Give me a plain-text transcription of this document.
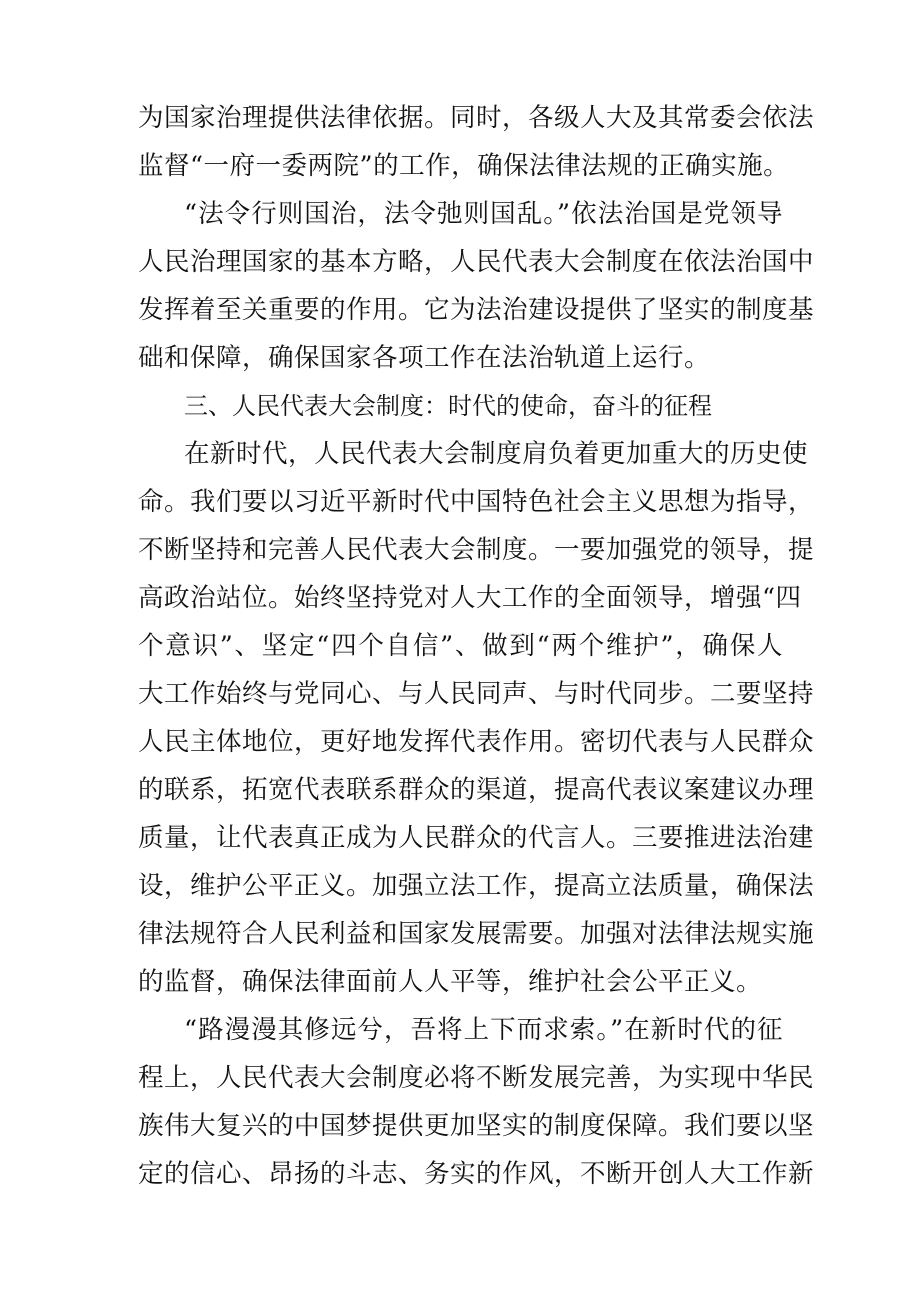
为国家治理提供法律依据。同时，各级人大及其常委会依法
监督“一府一委两院”的工作，确保法律法规的正确实施。
“法令行则国治，法令弛则国乱。”依法治国是党领导
人民治理国家的基本方略，人民代表大会制度在依法治国中
发挥着至关重要的作用。它为法治建设提供了坚实的制度基
础和保障，确保国家各项工作在法治轨道上运行。
三、人民代表大会制度：时代的使命，奋斗的征程
在新时代，人民代表大会制度肩负着更加重大的历史使
命。我们要以习近平新时代中国特色社会主义思想为指导，
不断坚持和完善人民代表大会制度。一要加强党的领导，提
高政治站位。始终坚持党对人大工作的全面领导，增强“四
个意识”、坚定“四个自信”、做到“两个维护”，确保人
大工作始终与党同心、与人民同声、与时代同步。二要坚持
人民主体地位，更好地发挥代表作用。密切代表与人民群众
的联系，拓宽代表联系群众的渠道，提高代表议案建议办理
质量，让代表真正成为人民群众的代言人。三要推进法治建
设，维护公平正义。加强立法工作，提高立法质量，确保法
律法规符合人民利益和国家发展需要。加强对法律法规实施
的监督，确保法律面前人人平等，维护社会公平正义。
“路漫漫其修远兮，吾将上下而求索。”在新时代的征
程上，人民代表大会制度必将不断发展完善，为实现中华民
族伟大复兴的中国梦提供更加坚实的制度保障。我们要以坚
定的信心、昂扬的斗志、务实的作风，不断开创人大工作新
